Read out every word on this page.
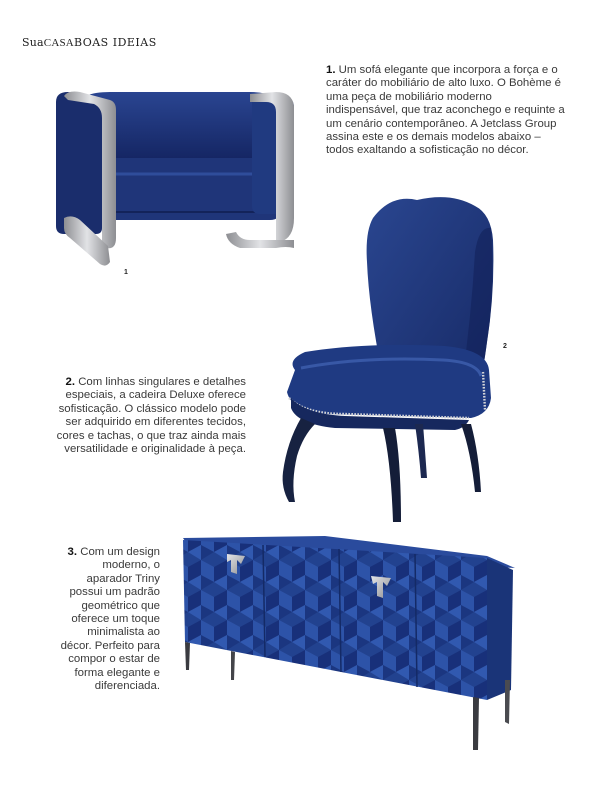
SuaCASABOAS IDEIAS
1
1. Um sofá elegante que incorpora a força e o caráter do mobiliário de alto luxo. O Bohème é uma peça de mobiliário moderno indispensável, que traz aconchego e requinte a um cenário contemporâneo. A Jetclass Group assina este e os demais modelos abaixo – todos exaltando a sofisticação no décor.
2
2. Com linhas singulares e detalhes especiais, a cadeira Deluxe oferece sofisticação. O clássico modelo pode ser adquirido em diferentes tecidos, cores e tachas, o que traz ainda mais versatilidade e originalidade à peça.
3. Com um design moderno, o aparador Triny possui um padrão geométrico que oferece um toque minimalista ao décor. Perfeito para compor o estar de forma elegante e diferenciada.
